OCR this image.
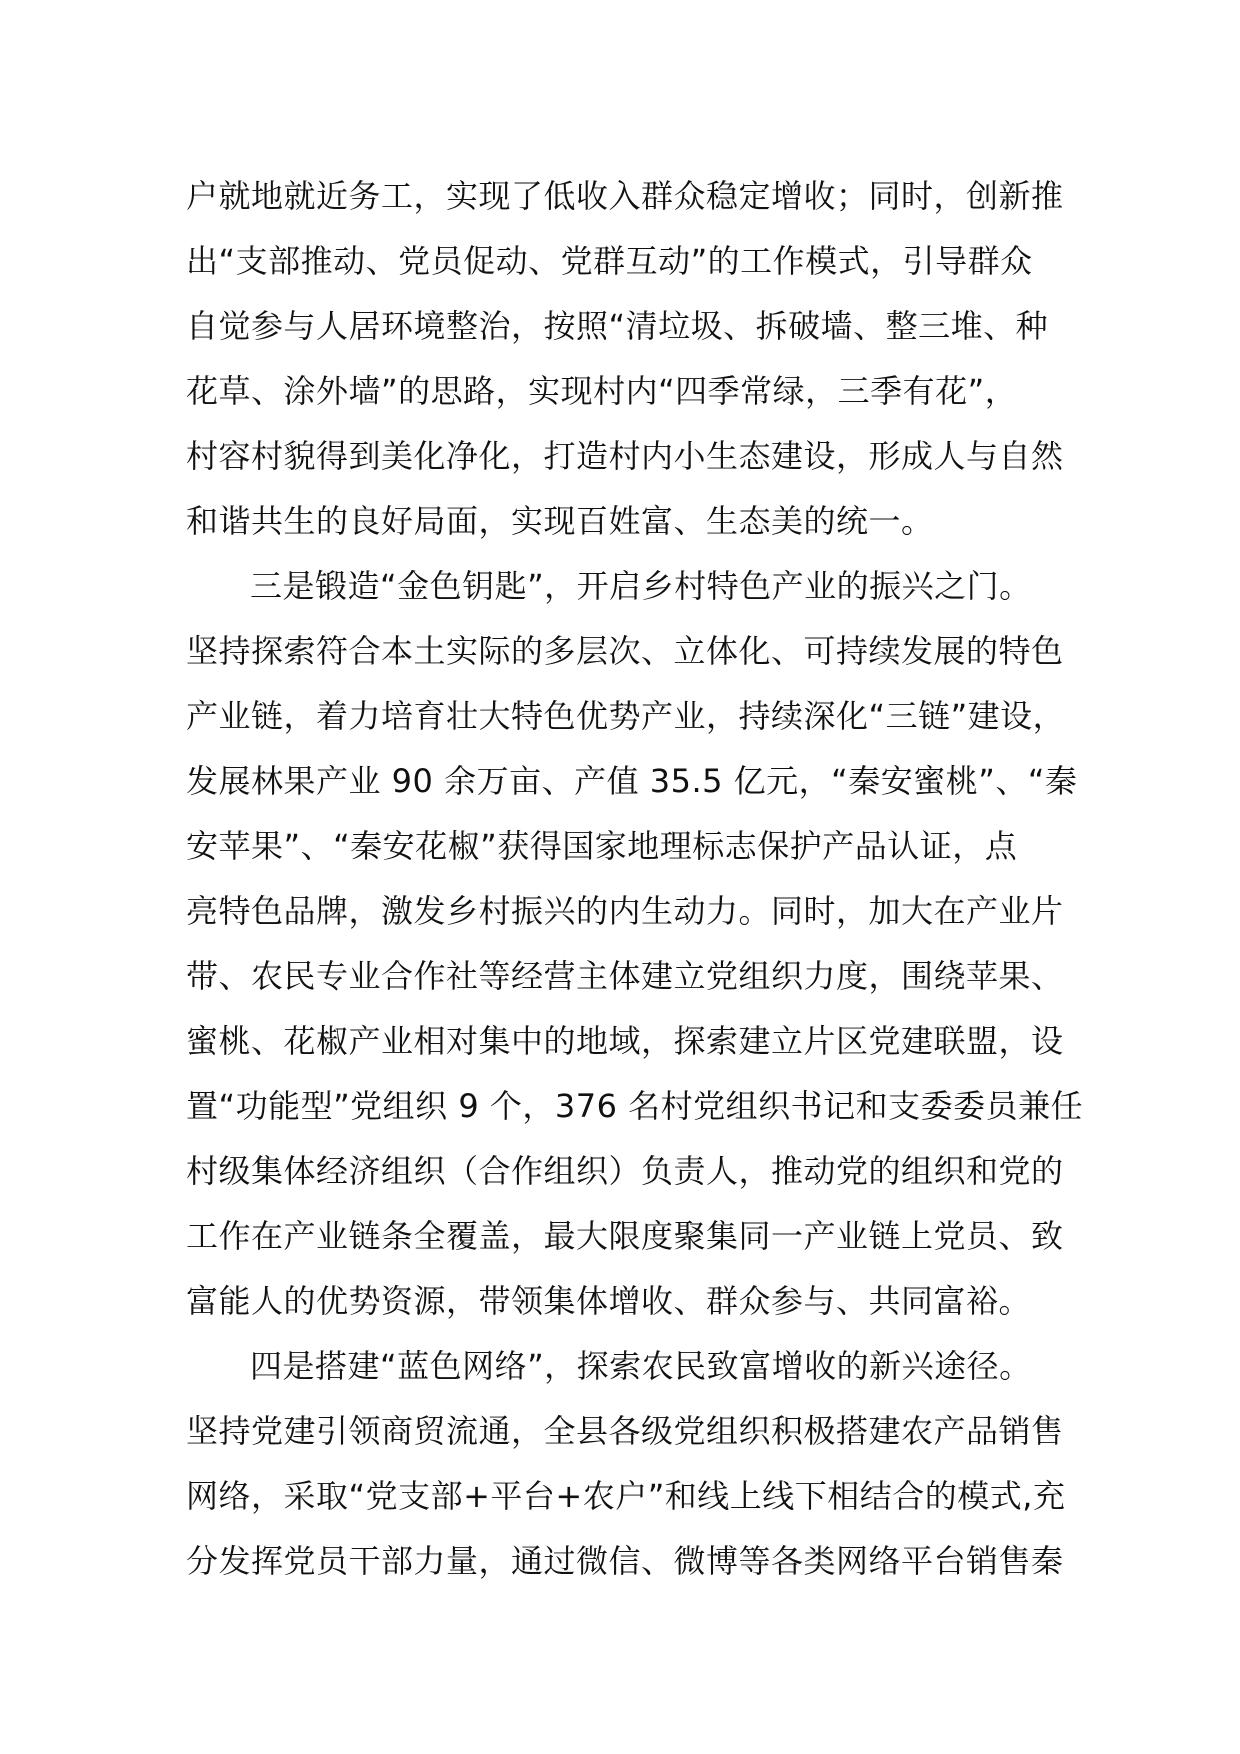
户就地就近务工，实现了低收入群众稳定增收；同时，创新推
出“支部推动、党员促动、党群互动”的工作模式，引导群众
自觉参与人居环境整治，按照“清垃圾、拆破墙、整三堆、种
花草、涂外墙”的思路，实现村内“四季常绿，三季有花”，
村容村貌得到美化净化，打造村内小生态建设，形成人与自然
和谐共生的良好局面，实现百姓富、生态美的统一。
三是锻造“金色钥匙”，开启乡村特色产业的振兴之门。
坚持探索符合本土实际的多层次、立体化、可持续发展的特色
产业链，着力培育壮大特色优势产业，持续深化“三链”建设，
发展林果产业 90 余万亩、产值 35.5 亿元，“秦安蜜桃”、“秦
安苹果”、“秦安花椒”获得国家地理标志保护产品认证，点
亮特色品牌，激发乡村振兴的内生动力。同时，加大在产业片
带、农民专业合作社等经营主体建立党组织力度，围绕苹果、
蜜桃、花椒产业相对集中的地域，探索建立片区党建联盟，设
置“功能型”党组织 9 个，376 名村党组织书记和支委委员兼任
村级集体经济组织（合作组织）负责人，推动党的组织和党的
工作在产业链条全覆盖，最大限度聚集同一产业链上党员、致
富能人的优势资源，带领集体增收、群众参与、共同富裕。
四是搭建“蓝色网络”，探索农民致富增收的新兴途径。
坚持党建引领商贸流通，全县各级党组织积极搭建农产品销售
网络，采取“党支部+平台+农户”和线上线下相结合的模式,充
分发挥党员干部力量，通过微信、微博等各类网络平台销售秦
